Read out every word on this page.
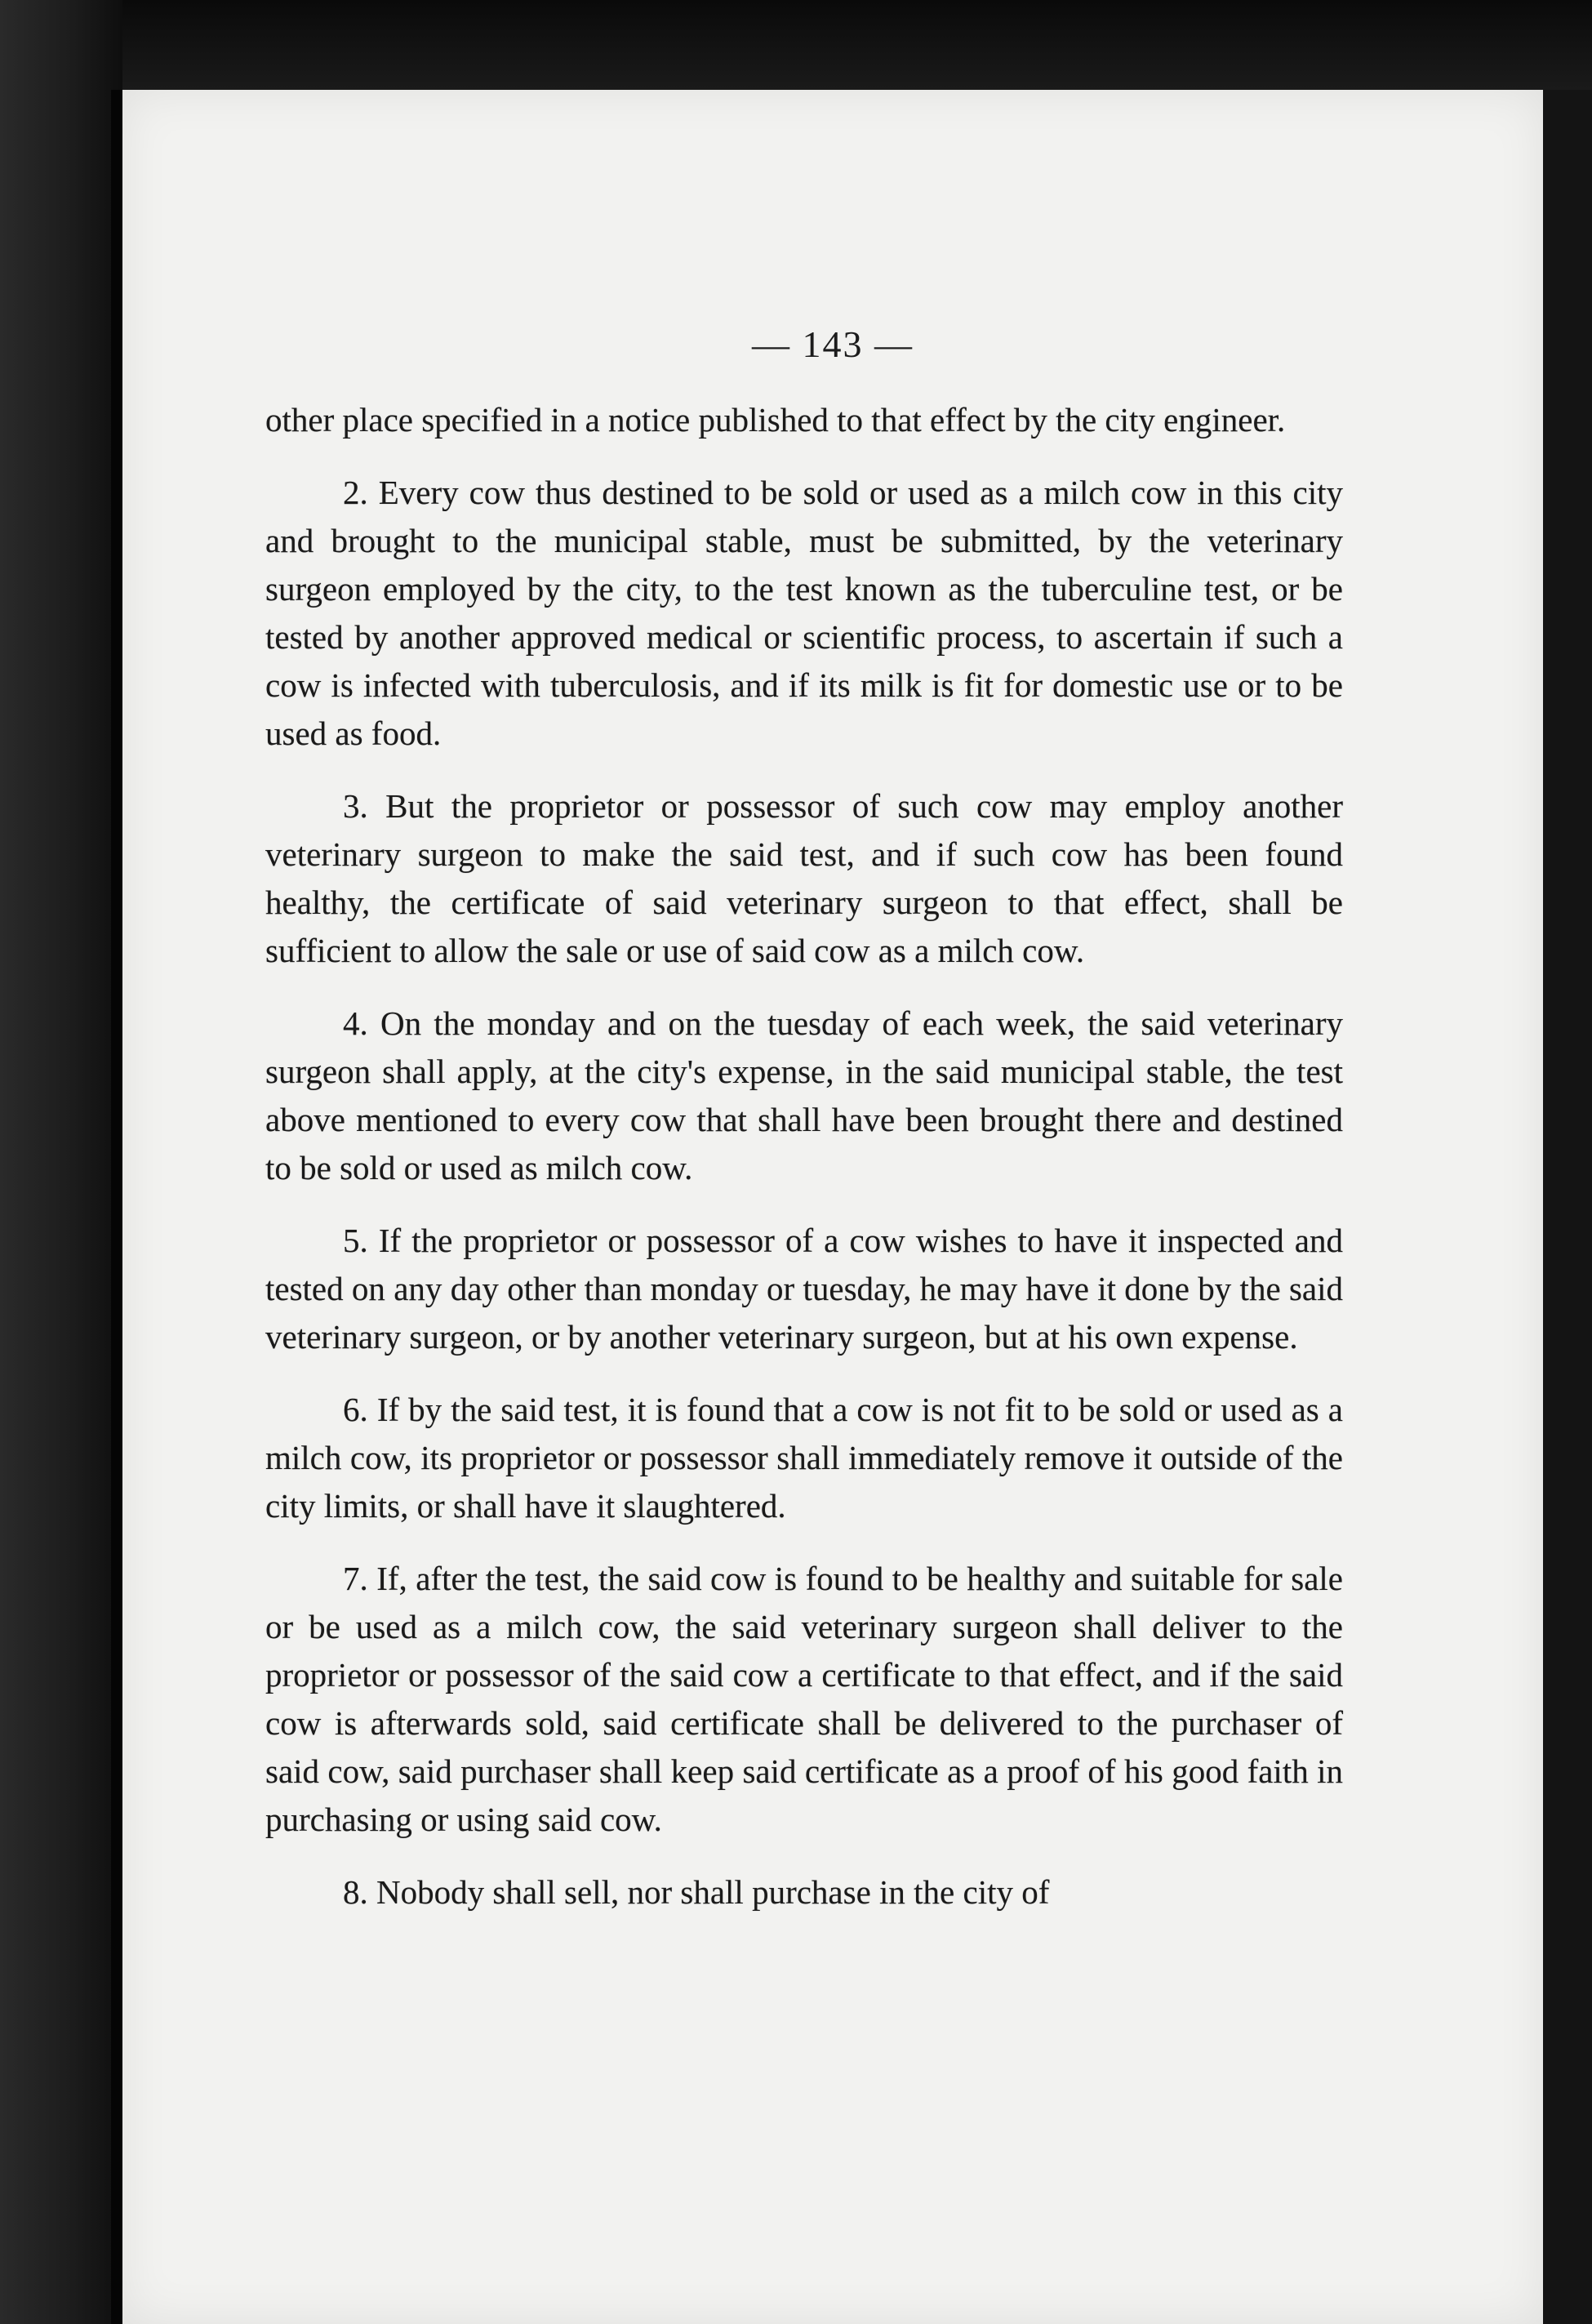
— 143 —

other place specified in a notice published to that effect by the city engineer.

2. Every cow thus destined to be sold or used as a milch cow in this city and brought to the municipal stable, must be submitted, by the veterinary surgeon employed by the city, to the test known as the tuberculine test, or be tested by another approved medical or scientific process, to ascertain if such a cow is infected with tuberculosis, and if its milk is fit for domestic use or to be used as food.

3. But the proprietor or possessor of such cow may employ another veterinary surgeon to make the said test, and if such cow has been found healthy, the certificate of said veterinary surgeon to that effect, shall be sufficient to allow the sale or use of said cow as a milch cow.

4. On the monday and on the tuesday of each week, the said veterinary surgeon shall apply, at the city's expense, in the said municipal stable, the test above mentioned to every cow that shall have been brought there and destined to be sold or used as milch cow.

5. If the proprietor or possessor of a cow wishes to have it inspected and tested on any day other than monday or tuesday, he may have it done by the said veterinary surgeon, or by another veterinary surgeon, but at his own expense.

6. If by the said test, it is found that a cow is not fit to be sold or used as a milch cow, its proprietor or possessor shall immediately remove it outside of the city limits, or shall have it slaughtered.

7. If, after the test, the said cow is found to be healthy and suitable for sale or be used as a milch cow, the said veterinary surgeon shall deliver to the proprietor or possessor of the said cow a certificate to that effect, and if the said cow is afterwards sold, said certificate shall be delivered to the purchaser of said cow, said purchaser shall keep said certificate as a proof of his good faith in purchasing or using said cow.

8. Nobody shall sell, nor shall purchase in the city of
